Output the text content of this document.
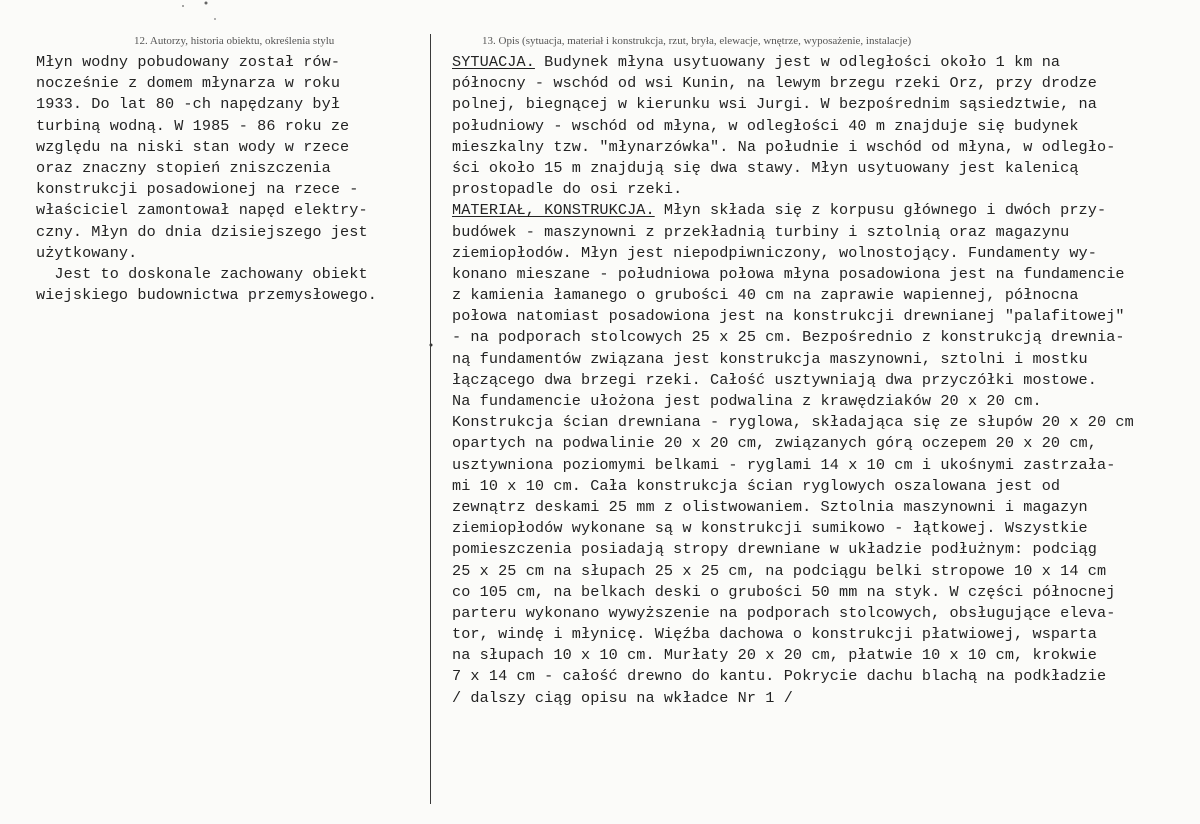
12. Autorzy, historia obiektu, określenia stylu	13. Opis (sytuacja, materiał i konstrukcja, rzut, bryła, elewacje, wnętrze, wyposażenie, instalacje)
Młyn wodny pobudowany został rów-
nocześnie z domem młynarza w roku
1933. Do lat 80 -ch napędzany był
turbiną wodną. W 1985 - 86 roku ze
względu na niski stan wody w rzece
oraz znaczny stopień zniszczenia
konstrukcji posadowionej na rzece -
właściciel zamontował napęd elektry-
czny. Młyn do dnia dzisiejszego jest
użytkowany.
Jest to doskonale zachowany obiekt
wiejskiego budownictwa przemysłowego.
SYTUACJA. Budynek młyna usytuowany jest w odległości około 1 km na
północny - wschód od wsi Kunin, na lewym brzegu rzeki Orz, przy drodze
polnej, biegnącej w kierunku wsi Jurgi. W bezpośrednim sąsiedztwie, na
południowy - wschód od młyna, w odległości 40 m znajduje się budynek
mieszkalny tzw. "młynarzówka". Na południe i wschód od młyna, w odległo-
ści około 15 m znajdują się dwa stawy. Młyn usytuowany jest kalenicą
prostopadle do osi rzeki.
MATERIAŁ, KONSTRUKCJA. Młyn składa się z korpusu głównego i dwóch przy-
budówek - maszynowni z przekładnią turbiny i sztolnią oraz magazynu
ziemiopłodów. Młyn jest niepodpiwniczony, wolnostojący. Fundamenty wy-
konano mieszane - południowa połowa młyna posadowiona jest na fundamencie
z kamienia łamanego o grubości 40 cm na zaprawie wapiennej, północna
połowa natomiast posadowiona jest na konstrukcji drewnianej "palafitowej"
- na podporach stolcowych 25 x 25 cm. Bezpośrednio z konstrukcją drewnia-
ną fundamentów związana jest konstrukcja maszynowni, sztolni i mostku
łączącego dwa brzegi rzeki. Całość usztywniają dwa przyczółki mostowe.
Na fundamencie ułożona jest podwalina z krawędziaków 20 x 20 cm.
Konstrukcja ścian drewniana - ryglowa, składająca się ze słupów 20 x 20 cm
opartych na podwalinie 20 x 20 cm, związanych górą oczepem 20 x 20 cm,
usztywniona poziomymi belkami - ryglami 14 x 10 cm i ukośnymi zastrzała-
mi 10 x 10 cm. Cała konstrukcja ścian ryglowych oszalowana jest od
zewnątrz deskami 25 mm z olistwowaniem. Sztolnia maszynowni i magazyn
ziemiopłodów wykonane są w konstrukcji sumikowo - łątkowej. Wszystkie
pomieszczenia posiadają stropy drewniane w układzie podłużnym: podciąg
25 x 25 cm na słupach 25 x 25 cm, na podciągu belki stropowe 10 x 14 cm
co 105 cm, na belkach deski o grubości 50 mm na styk. W części północnej
parteru wykonano wywyższenie na podporach stolcowych, obsługujące eleva-
tor, windę i młynicę. Więźba dachowa o konstrukcji płatwiowej, wsparta
na słupach 10 x 10 cm. Murłaty 20 x 20 cm, płatwie 10 x 10 cm, krokwie
7 x 14 cm - całość drewno do kantu. Pokrycie dachu blachą na podkładzie
/ dalszy ciąg opisu na wkładce Nr 1 /
